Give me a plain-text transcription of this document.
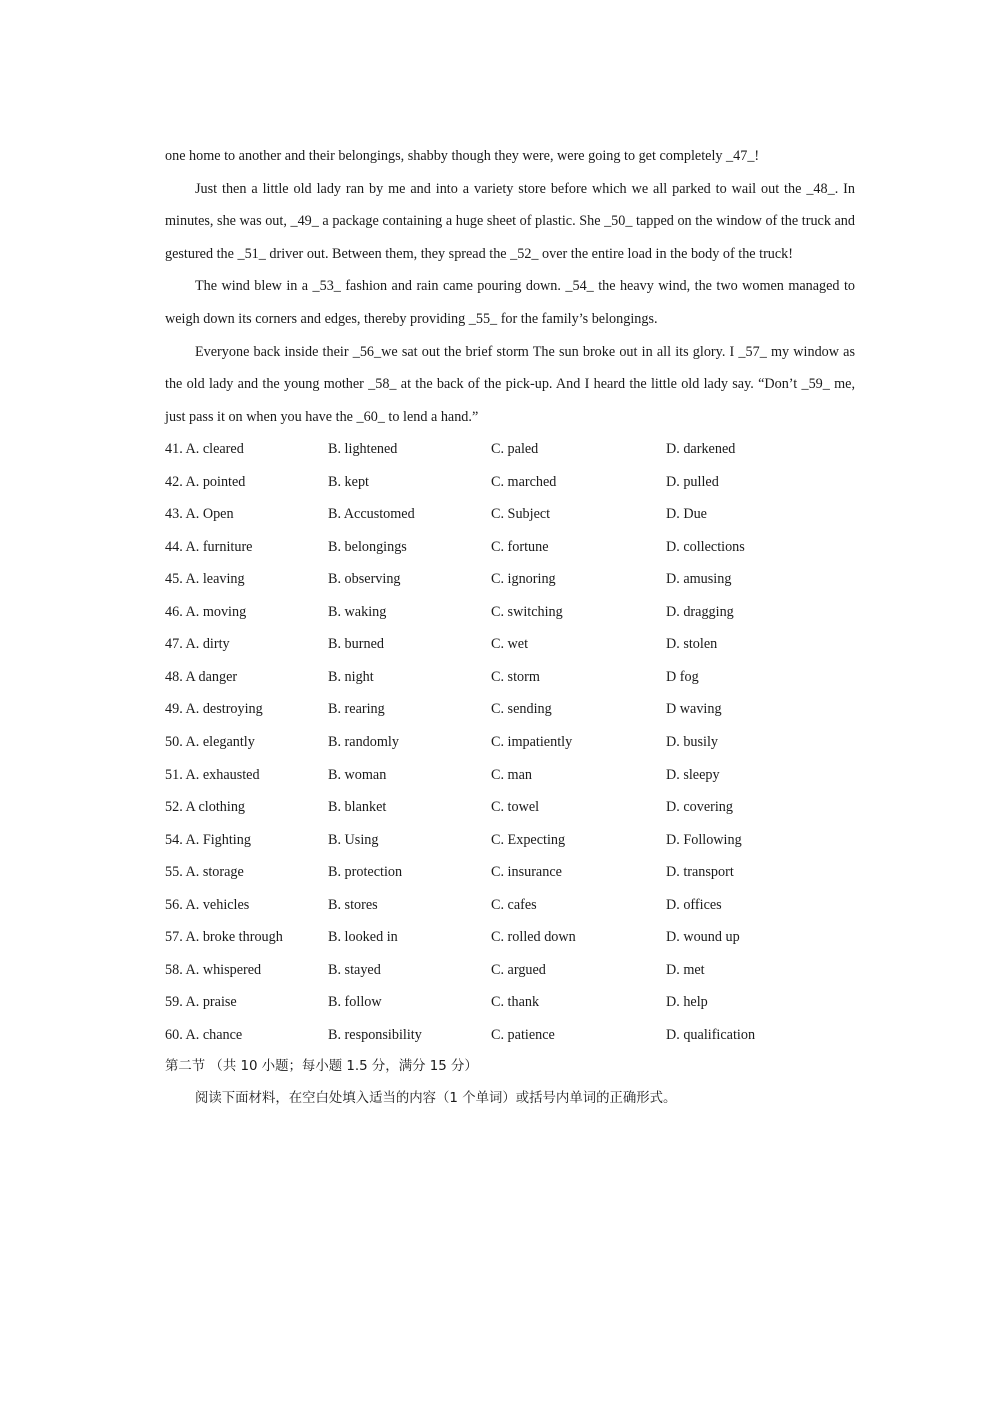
one home to another and their belongings, shabby though they were, were going to get completely _47_!

Just then a little old lady ran by me and into a variety store before which we all parked to wail out the _48_. In minutes, she was out, _49_ a package containing a huge sheet of plastic. She _50_ tapped on the window of the truck and gestured the _51_ driver out. Between them, they spread the _52_ over the entire load in the body of the truck!

The wind blew in a _53_ fashion and rain came pouring down. _54_ the heavy wind, the two women managed to weigh down its corners and edges, thereby providing _55_ for the family’s belongings.

Everyone back inside their _56_we sat out the brief storm The sun broke out in all its glory. I _57_ my window as the old lady and the young mother _58_ at the back of the pick-up. And I heard the little old lady say. “Don’t _59_ me, just pass it on when you have the _60_ to lend a hand.”

41. A. cleared	B. lightened	C. paled	D. darkened
42. A. pointed	B. kept	C. marched	D. pulled
43. A. Open	B. Accustomed	C. Subject	D. Due
44. A. furniture	B. belongings	C. fortune	D. collections
45. A. leaving	B. observing	C. ignoring	D. amusing
46. A. moving	B. waking	C. switching	D. dragging
47. A. dirty	B. burned	C. wet	D. stolen
48. A danger	B. night	C. storm	D fog
49. A. destroying	B. rearing	C. sending	D waving
50. A. elegantly	B. randomly	C. impatiently	D. busily
51. A. exhausted	B. woman	C. man	D. sleepy
52. A clothing	B. blanket	C. towel	D. covering
54. A. Fighting	B. Using	C. Expecting	D. Following
55. A. storage	B. protection	C. insurance	D. transport
56. A. vehicles	B. stores	C. cafes	D. offices
57. A. broke through	B. looked in	C. rolled down	D. wound up
58. A. whispered	B. stayed	C. argued	D. met
59. A. praise	B. follow	C. thank	D. help
60. A. chance	B. responsibility	C. patience	D. qualification
第二节 （共 10 小题；每小题 1.5 分，满分 15 分）
阅读下面材料，在空白处填入适当的内容（1 个单词）或括号内单词的正确形式。
